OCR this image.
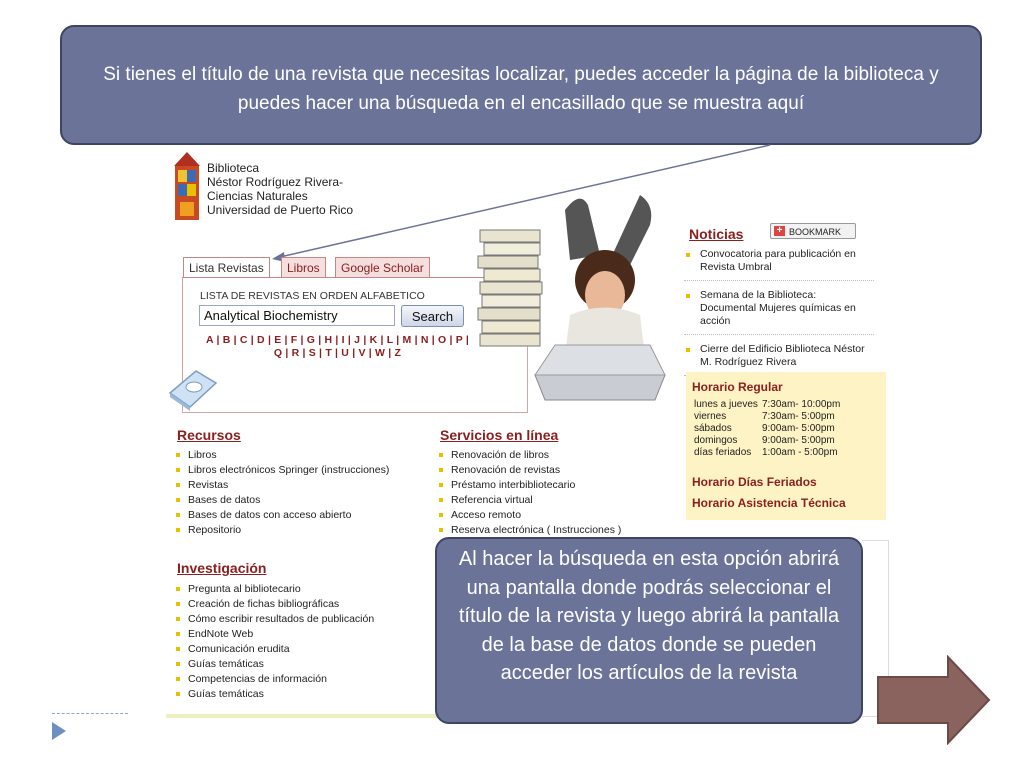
Si tienes el título de una revista que necesitas localizar, puedes acceder la página de la biblioteca y puedes hacer una búsqueda en el encasillado que se muestra aquí
Biblioteca
Néstor Rodríguez Rivera-
Ciencias Naturales
Universidad de Puerto Rico
Lista Revistas	Libros	Google Scholar
LISTA DE REVISTAS EN ORDEN ALFABETICO
Analytical Biochemistry
Search
A | B | C | D | E | F | G | H | I | J | K | L | M | N | O | P |
Q | R | S | T | U | V | W | Z
Recursos
Libros
Libros electrónicos Springer (instrucciones)
Revistas
Bases de datos
Bases de datos con acceso abierto
Repositorio
Servicios en línea
Renovación de libros
Renovación de revistas
Préstamo interbibliotecario
Referencia virtual
Acceso remoto
Reserva electrónica ( Instrucciones )
Investigación
Pregunta al bibliotecario
Creación de fichas bibliográficas
Cómo escribir resultados de publicación
EndNote Web
Comunicación erudita
Guías temáticas
Competencias de información
Guías temáticas
Noticias	+ BOOKMARK
Convocatoria para publicación en Revista Umbral
Semana de la Biblioteca: Documental Mujeres químicas en acción
Cierre del Edificio Biblioteca Néstor M. Rodríguez Rivera
Horario Regular
lunes a jueves	7:30am- 10:00pm
viernes	7:30am- 5:00pm
sábados	9:00am- 5:00pm
domingos	9:00am- 5:00pm
días feriados	1:00am - 5:00pm
Horario Días Feriados
Horario Asistencia Técnica
Al hacer la búsqueda en esta opción abrirá una pantalla donde podrás seleccionar el título de la revista y luego abrirá la pantalla de la base de datos donde se pueden acceder los artículos de la revista
